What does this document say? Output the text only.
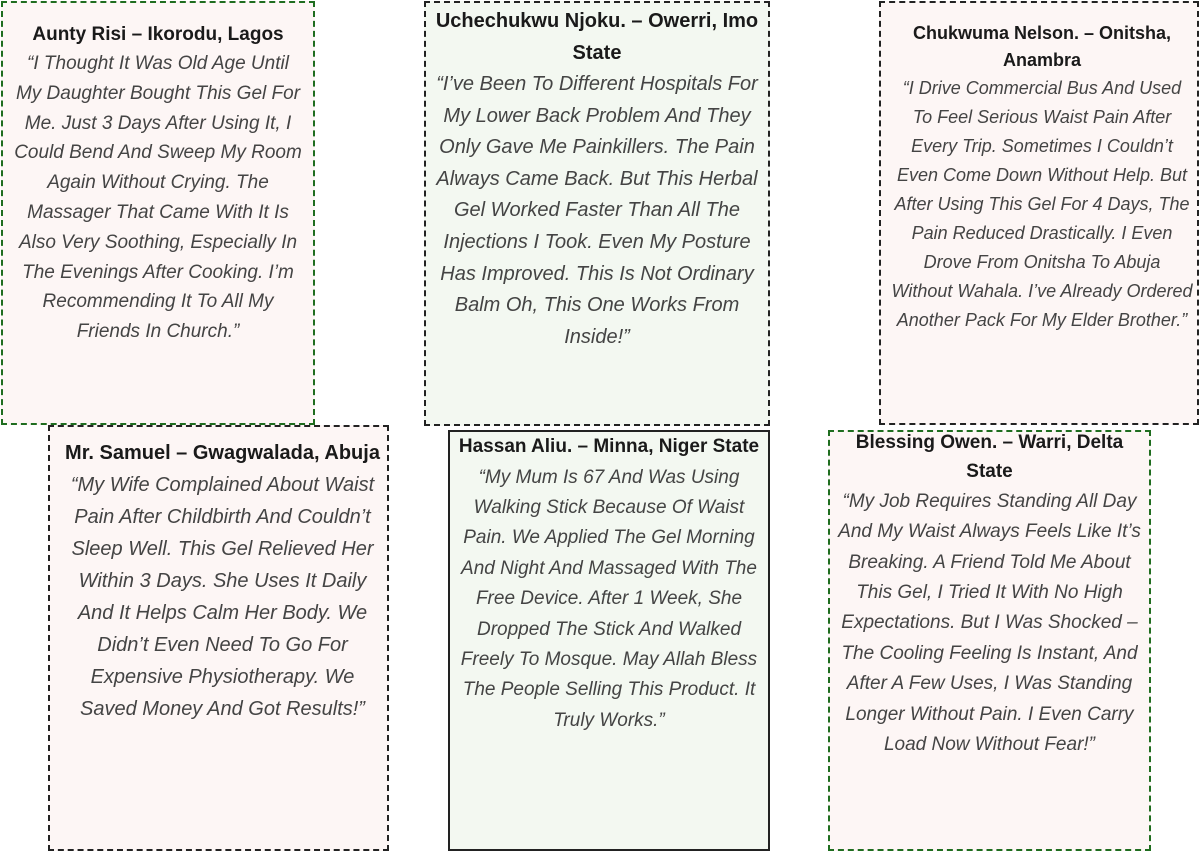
Aunty Risi – Ikorodu, Lagos

“I Thought It Was Old Age Until My Daughter Bought This Gel For Me. Just 3 Days After Using It, I Could Bend And Sweep My Room Again Without Crying. The Massager That Came With It Is Also Very Soothing, Especially In The Evenings After Cooking. I’m Recommending It To All My Friends In Church.”

Uchechukwu Njoku. – Owerri, Imo State

“I’ve Been To Different Hospitals For My Lower Back Problem And They Only Gave Me Painkillers. The Pain Always Came Back. But This Herbal Gel Worked Faster Than All The Injections I Took. Even My Posture Has Improved. This Is Not Ordinary Balm Oh, This One Works From Inside!”

Chukwuma Nelson. – Onitsha, Anambra

“I Drive Commercial Bus And Used To Feel Serious Waist Pain After Every Trip. Sometimes I Couldn’t Even Come Down Without Help. But After Using This Gel For 4 Days, The Pain Reduced Drastically. I Even Drove From Onitsha To Abuja Without Wahala. I’ve Already Ordered Another Pack For My Elder Brother.”

Mr. Samuel – Gwagwalada, Abuja

“My Wife Complained About Waist Pain After Childbirth And Couldn’t Sleep Well. This Gel Relieved Her Within 3 Days. She Uses It Daily And It Helps Calm Her Body. We Didn’t Even Need To Go For Expensive Physiotherapy. We Saved Money And Got Results!”

Hassan Aliu. – Minna, Niger State

“My Mum Is 67 And Was Using Walking Stick Because Of Waist Pain. We Applied The Gel Morning And Night And Massaged With The Free Device. After 1 Week, She Dropped The Stick And Walked Freely To Mosque. May Allah Bless The People Selling This Product. It Truly Works.”

Blessing Owen. – Warri, Delta State

“My Job Requires Standing All Day And My Waist Always Feels Like It’s Breaking. A Friend Told Me About This Gel, I Tried It With No High Expectations. But I Was Shocked – The Cooling Feeling Is Instant, And After A Few Uses, I Was Standing Longer Without Pain. I Even Carry Load Now Without Fear!”
